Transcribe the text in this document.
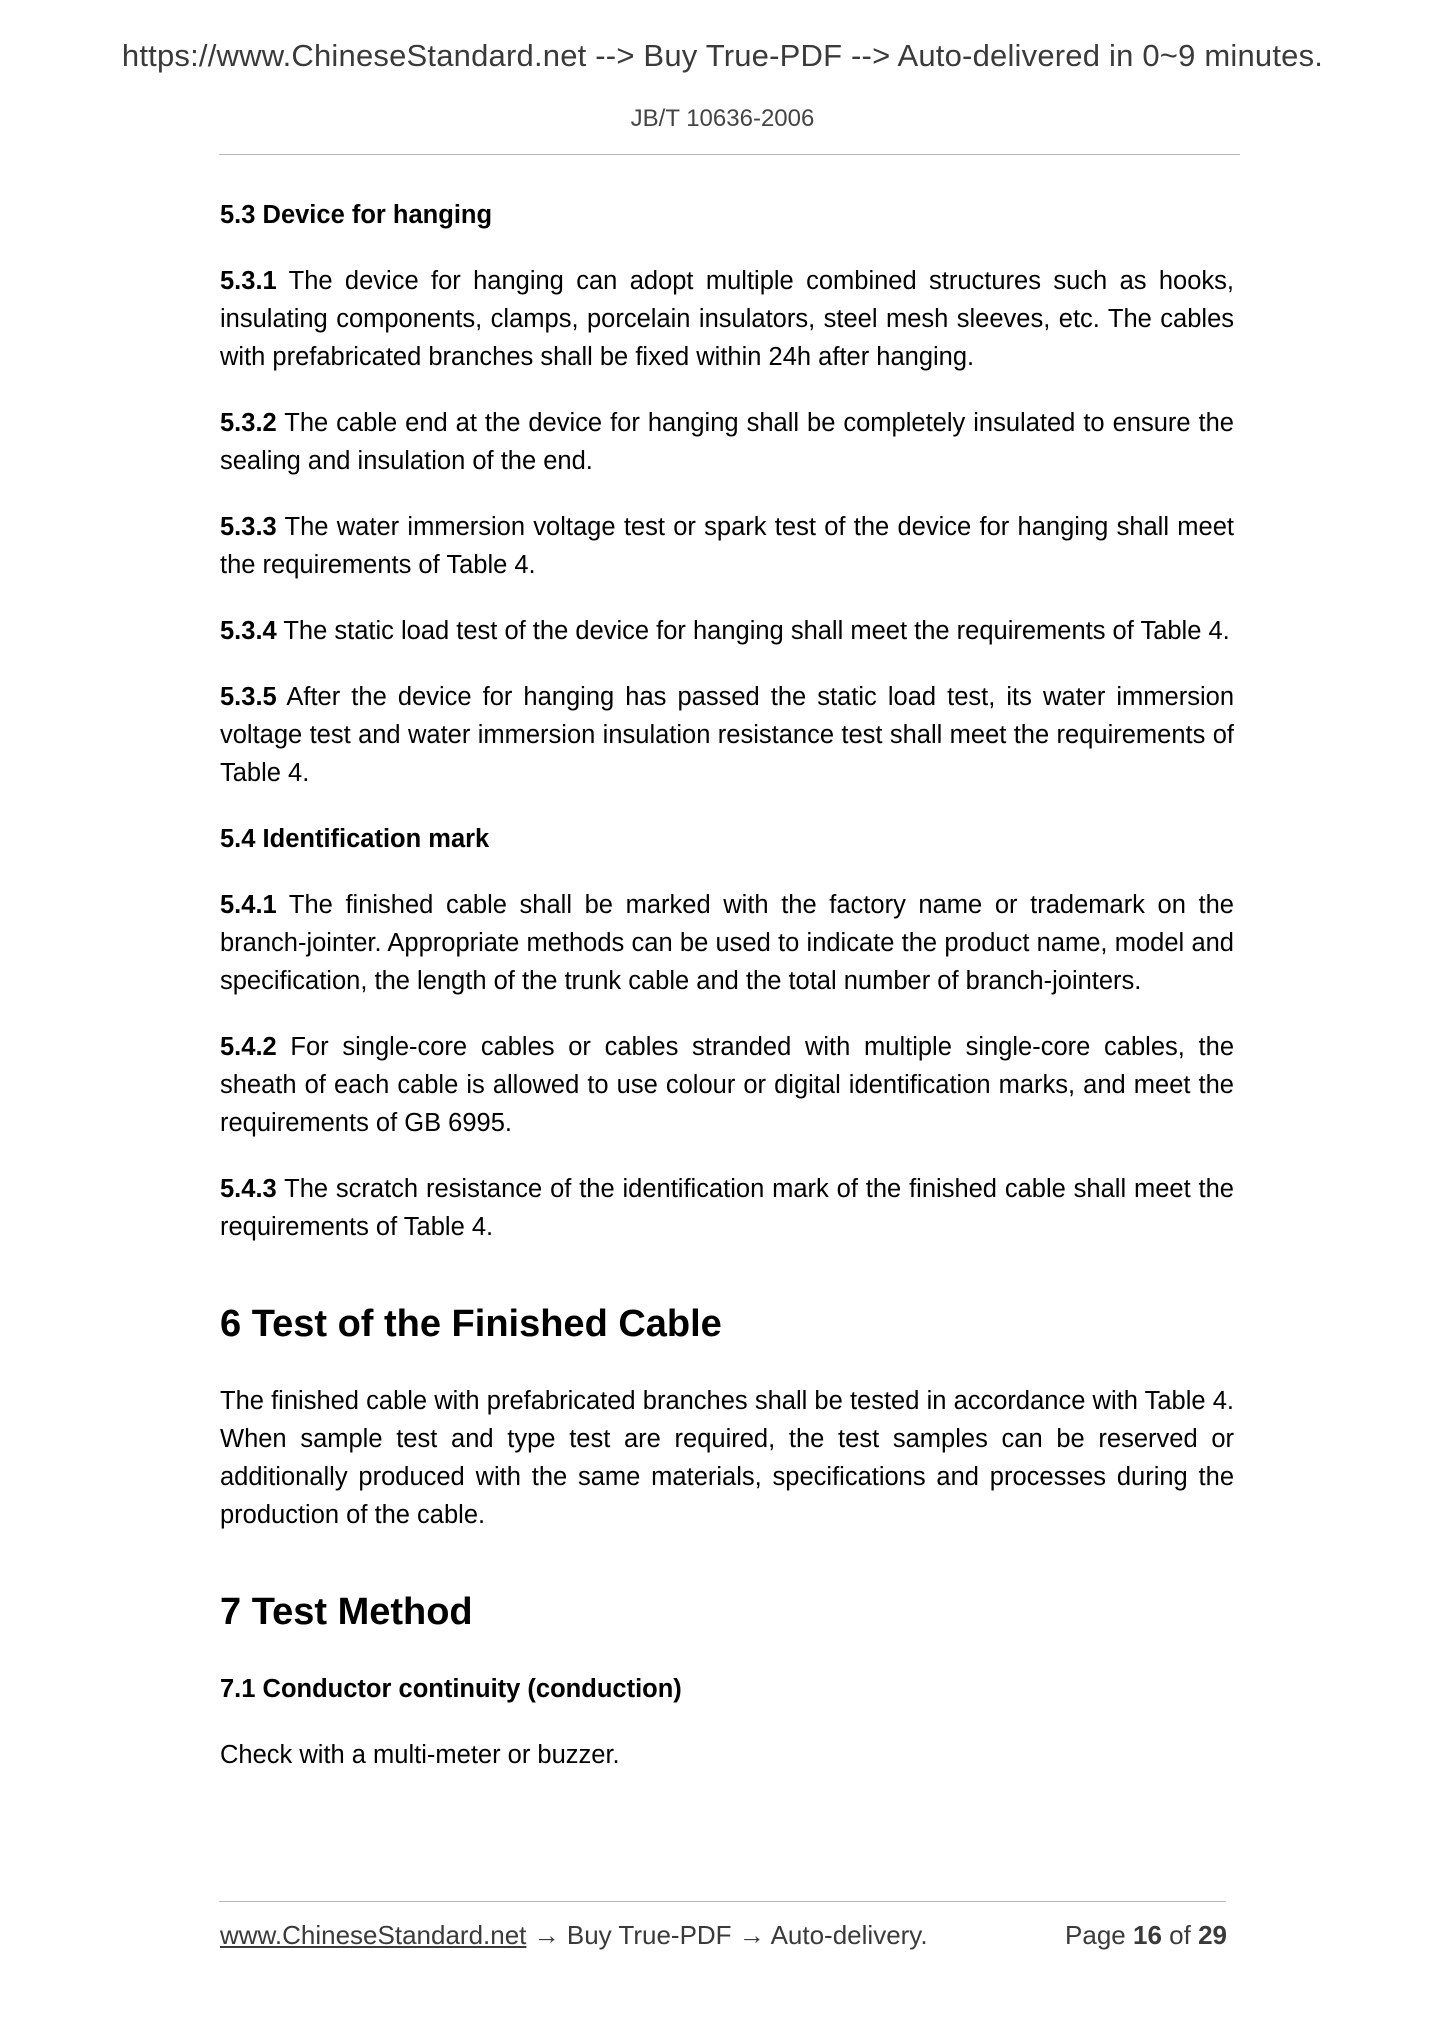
https://www.ChineseStandard.net --> Buy True-PDF --> Auto-delivered in 0~9 minutes.
JB/T 10636-2006
5.3 Device for hanging

5.3.1 The device for hanging can adopt multiple combined structures such as hooks, insulating components, clamps, porcelain insulators, steel mesh sleeves, etc. The cables with prefabricated branches shall be fixed within 24h after hanging.

5.3.2 The cable end at the device for hanging shall be completely insulated to ensure the sealing and insulation of the end.

5.3.3 The water immersion voltage test or spark test of the device for hanging shall meet the requirements of Table 4.

5.3.4 The static load test of the device for hanging shall meet the requirements of Table 4.

5.3.5 After the device for hanging has passed the static load test, its water immersion voltage test and water immersion insulation resistance test shall meet the requirements of Table 4.

5.4 Identification mark

5.4.1 The finished cable shall be marked with the factory name or trademark on the branch-jointer. Appropriate methods can be used to indicate the product name, model and specification, the length of the trunk cable and the total number of branch-jointers.

5.4.2 For single-core cables or cables stranded with multiple single-core cables, the sheath of each cable is allowed to use colour or digital identification marks, and meet the requirements of GB 6995.

5.4.3 The scratch resistance of the identification mark of the finished cable shall meet the requirements of Table 4.

6 Test of the Finished Cable

The finished cable with prefabricated branches shall be tested in accordance with Table 4. When sample test and type test are required, the test samples can be reserved or additionally produced with the same materials, specifications and processes during the production of the cable.

7 Test Method
7.1 Conductor continuity (conduction)

Check with a multi-meter or buzzer.

www.ChineseStandard.net → Buy True-PDF → Auto-delivery.	Page 16 of 29
